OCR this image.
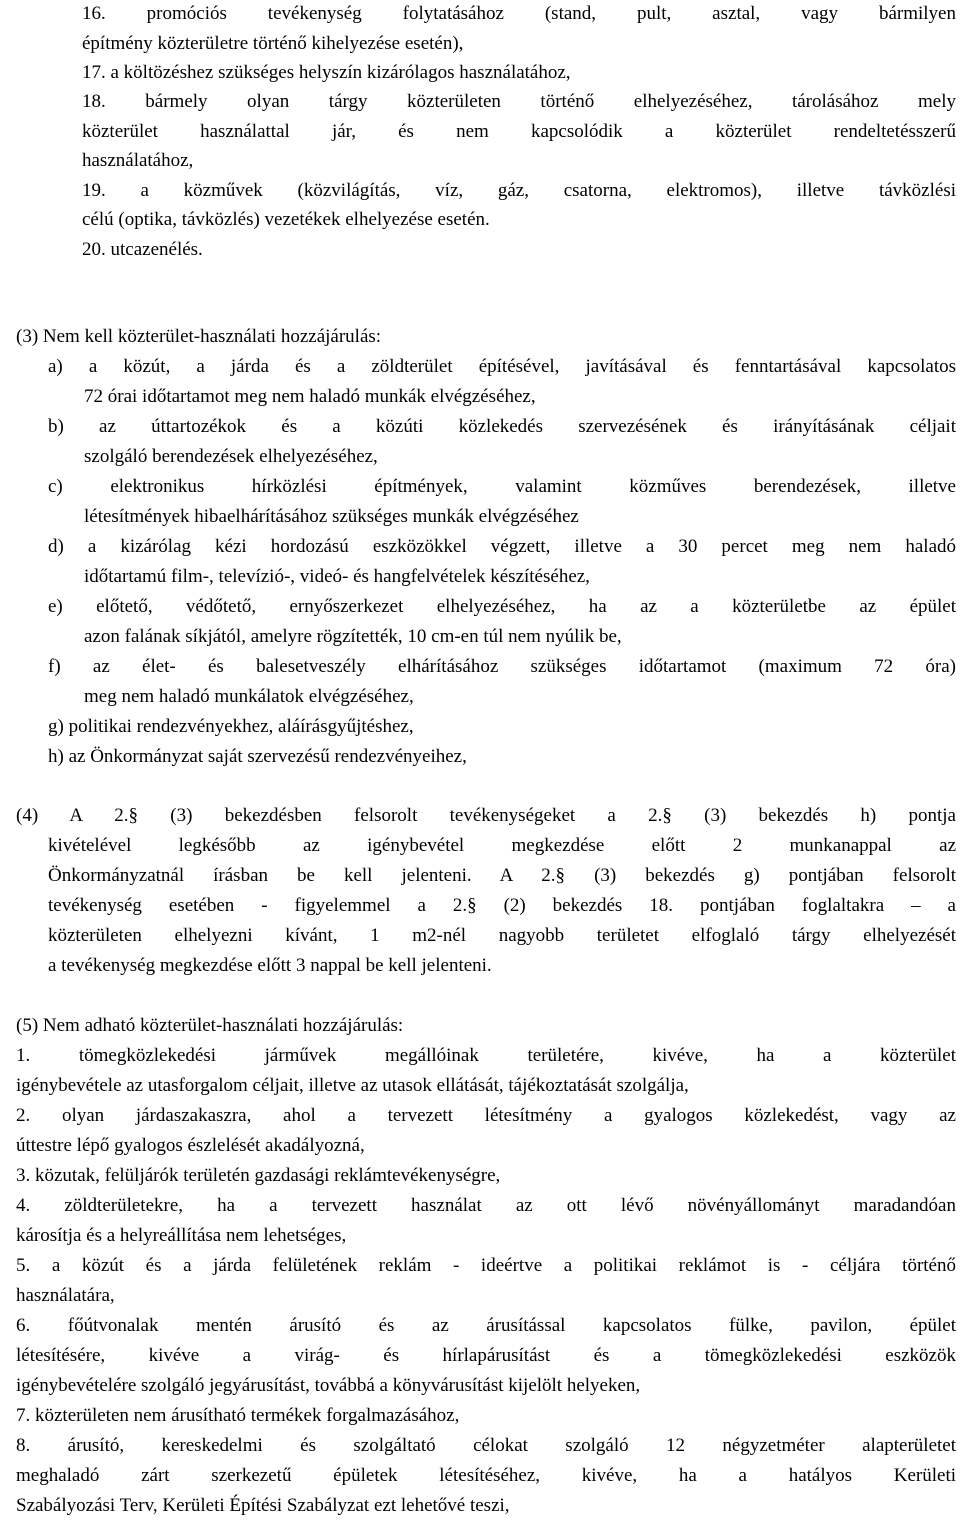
16. promóciós tevékenység folytatásához (stand, pult, asztal, vagy bármilyen
építmény közterületre történő kihelyezése esetén),
17. a költözéshez szükséges helyszín kizárólagos használatához,
18. bármely olyan tárgy közterületen történő elhelyezéséhez, tárolásához mely
közterület használattal jár, és nem kapcsolódik a közterület rendeltetésszerű
használatához,
19. a közművek (közvilágítás, víz, gáz, csatorna, elektromos), illetve távközlési
célú (optika, távközlés) vezetékek elhelyezése esetén.
20. utcazenélés.
(3) Nem kell közterület-használati hozzájárulás:
a) a közút, a járda és a zöldterület építésével, javításával és fenntartásával kapcsolatos
72 órai időtartamot meg nem haladó munkák elvégzéséhez,
b) az úttartozékok és a közúti közlekedés szervezésének és irányításának céljait
szolgáló berendezések elhelyezéséhez,
c) elektronikus hírközlési építmények, valamint közműves berendezések, illetve
létesítmények hibaelhárításához szükséges munkák elvégzéséhez
d) a kizárólag kézi hordozású eszközökkel végzett, illetve a 30 percet meg nem haladó
időtartamú film-, televízió-, videó- és hangfelvételek készítéséhez,
e) előtető, védőtető, ernyőszerkezet elhelyezéséhez, ha az a közterületbe az épület
azon falának síkjától, amelyre rögzítették, 10 cm-en túl nem nyúlik be,
f) az élet- és balesetveszély elhárításához szükséges időtartamot (maximum 72 óra)
meg nem haladó munkálatok elvégzéséhez,
g) politikai rendezvényekhez, aláírásgyűjtéshez,
h) az Önkormányzat saját szervezésű rendezvényeihez,
(4) A 2.§ (3) bekezdésben felsorolt tevékenységeket a 2.§ (3) bekezdés h) pontja
kivételével legkésőbb az igénybevétel megkezdése előtt 2 munkanappal az
Önkormányzatnál írásban be kell jelenteni. A 2.§ (3) bekezdés g) pontjában felsorolt
tevékenység esetében - figyelemmel a 2.§ (2) bekezdés 18. pontjában foglaltakra – a
közterületen elhelyezni kívánt, 1 m2-nél nagyobb területet elfoglaló tárgy elhelyezését
a tevékenység megkezdése előtt 3 nappal be kell jelenteni.
(5) Nem adható közterület-használati hozzájárulás:
1. tömegközlekedési járművek megállóinak területére, kivéve, ha a közterület
igénybevétele az utasforgalom céljait, illetve az utasok ellátását, tájékoztatását szolgálja,
2. olyan járdaszakaszra, ahol a tervezett létesítmény a gyalogos közlekedést, vagy az
úttestre lépő gyalogos észlelését akadályozná,
3. közutak, felüljárók területén gazdasági reklámtevékenységre,
4. zöldterületekre, ha a tervezett használat az ott lévő növényállományt maradandóan
károsítja és a helyreállítása nem lehetséges,
5. a közút és a járda felületének reklám - ideértve a politikai reklámot is - céljára történő
használatára,
6. főútvonalak mentén árusító és az árusítással kapcsolatos fülke, pavilon, épület
létesítésére, kivéve a virág- és hírlapárusítást és a tömegközlekedési eszközök
igénybevételére szolgáló jegyárusítást, továbbá a könyvárusítást kijelölt helyeken,
7. közterületen nem árusítható termékek forgalmazásához,
8. árusító, kereskedelmi és szolgáltató célokat szolgáló 12 négyzetméter alapterületet
meghaladó zárt szerkezetű épületek létesítéséhez, kivéve, ha a hatályos Kerületi
Szabályozási Terv, Kerületi Építési Szabályzat ezt lehetővé teszi,
